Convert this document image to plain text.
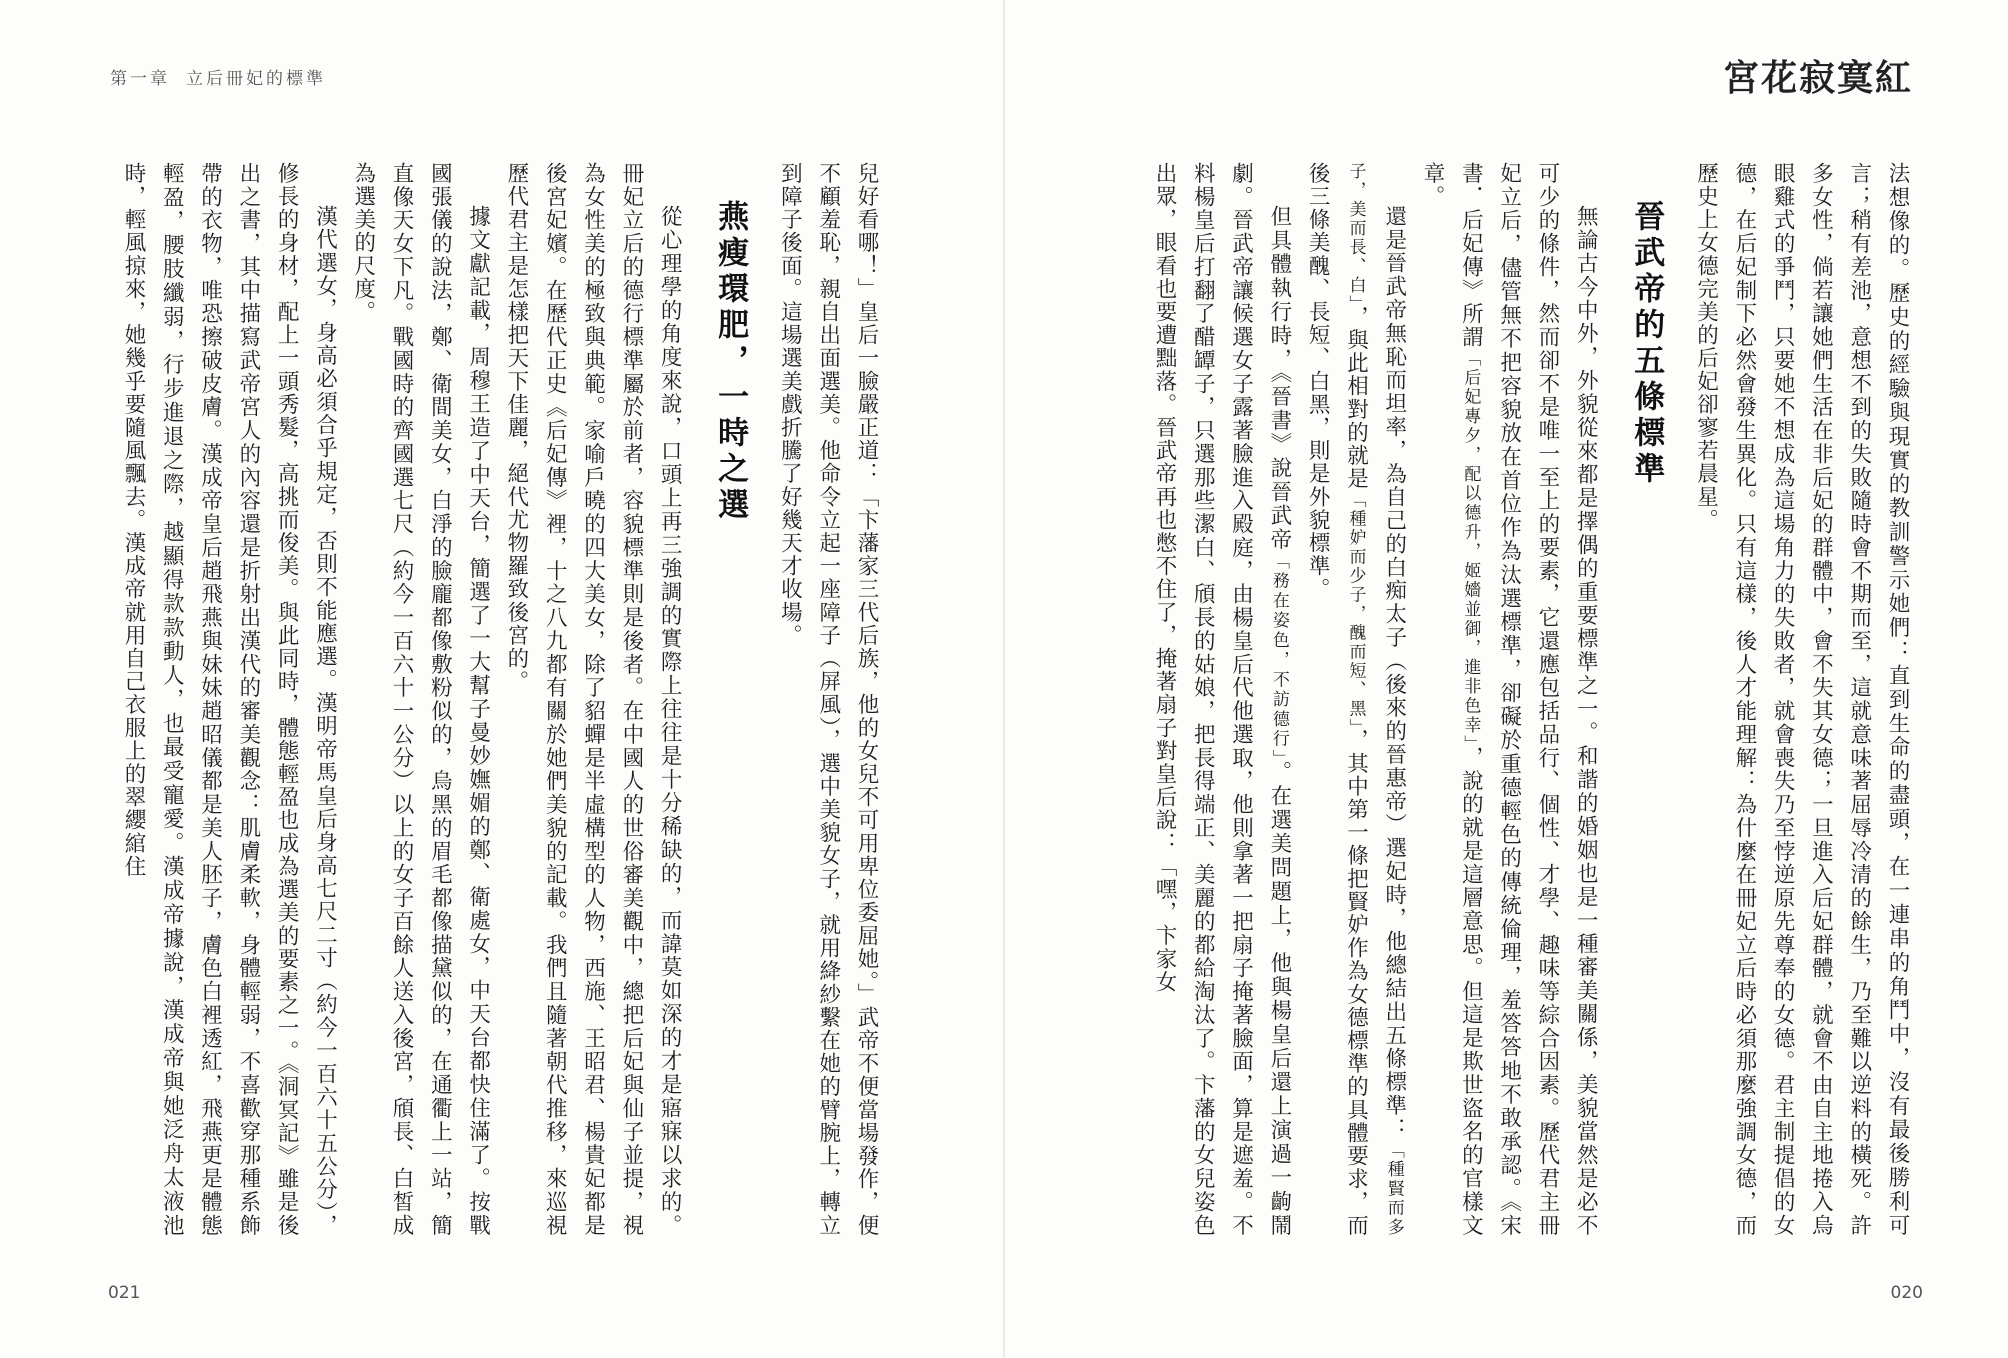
第一章 立后冊妃的標準	宮花寂寞紅

法想像的。歷史的經驗與現實的教訓警示她們：直到生命的盡頭，在一連串的角鬥中，沒有最後勝利可言；稍有差池，意想不到的失敗隨時會不期而至，這就意味著屈辱冷清的餘生，乃至難以逆料的橫死。許多女性，倘若讓她們生活在非后妃的群體中，會不失其女德；一旦進入后妃群體，就會不由自主地捲入烏眼雞式的爭鬥，只要她不想成為這場角力的失敗者，就會喪失乃至悖逆原先尊奉的女德。君主制提倡的女德，在后妃制下必然會發生異化。只有這樣，後人才能理解：為什麼在冊妃立后時必須那麼強調女德，而歷史上女德完美的后妃卻寥若晨星。

晉武帝的五條標準

無論古今中外，外貌從來都是擇偶的重要標準之一。和諧的婚姻也是一種審美關係，美貌當然是必不可少的條件，然而卻不是唯一至上的要素，它還應包括品行、個性、才學、趣味等綜合因素。歷代君主冊妃立后，儘管無不把容貌放在首位作為汰選標準，卻礙於重德輕色的傳統倫理，羞答答地不敢承認。《宋書．后妃傳》所謂「后妃專夕，配以德升，姬嬙並御，進非色幸」，說的就是這層意思。但這是欺世盜名的官樣文章。

還是晉武帝無恥而坦率，為自己的白痴太子（後來的晉惠帝）選妃時，他總結出五條標準：「種賢而多子，美而長、白」，與此相對的就是「種妒而少子，醜而短、黑」，其中第一條把賢妒作為女德標準的具體要求，而後三條美醜、長短、白黑，則是外貌標準。

但具體執行時，《晉書》說晉武帝「務在姿色，不訪德行」。在選美問題上，他與楊皇后還上演過一齣鬧劇。晉武帝讓候選女子露著臉進入殿庭，由楊皇后代他選取，他則拿著一把扇子掩著臉面，算是遮羞。不料楊皇后打翻了醋罈子，只選那些潔白、頎長的姑娘，把長得端正、美麗的都給淘汰了。卞藩的女兒姿色出眾，眼看也要遭黜落。晉武帝再也憋不住了，掩著扇子對皇后說：「嘿，卞家女

兒好看哪！」皇后一臉嚴正道：「卞藩家三代后族，他的女兒不可用卑位委屈她。」武帝不便當場發作，便不顧羞恥，親自出面選美。他命令立起一座障子（屏風），選中美貌女子，就用絳紗繫在她的臂腕上，轉立到障子後面。這場選美戲折騰了好幾天才收場。

燕瘦環肥，一時之選

從心理學的角度來說，口頭上再三強調的實際上往往是十分稀缺的，而諱莫如深的才是寤寐以求的。冊妃立后的德行標準屬於前者，容貌標準則是後者。在中國人的世俗審美觀中，總把后妃與仙子並提，視為女性美的極致與典範。家喻戶曉的四大美女，除了貂蟬是半虛構型的人物，西施、王昭君、楊貴妃都是後宮妃嬪。在歷代正史《后妃傳》裡，十之八九都有關於她們美貌的記載。我們且隨著朝代推移，來巡視歷代君主是怎樣把天下佳麗，絕代尤物羅致後宮的。

據文獻記載，周穆王造了中天台，簡選了一大幫子曼妙嫵媚的鄭、衛處女，中天台都快住滿了。按戰國張儀的說法，鄭、衛間美女，白淨的臉龐都像敷粉似的，烏黑的眉毛都像描黛似的，在通衢上一站，簡直像天女下凡。戰國時的齊國選七尺（約今一百六十一公分）以上的女子百餘人送入後宮，頎長、白皙成為選美的尺度。

漢代選女，身高必須合乎規定，否則不能應選。漢明帝馬皇后身高七尺二寸（約今一百六十五公分），修長的身材，配上一頭秀髮，高挑而俊美。與此同時，體態輕盈也成為選美的要素之一。《洞冥記》雖是後出之書，其中描寫武帝宮人的內容還是折射出漢代的審美觀念：肌膚柔軟，身體輕弱，不喜歡穿那種系飾帶的衣物，唯恐擦破皮膚。漢成帝皇后趙飛燕與妹妹趙昭儀都是美人胚子，膚色白裡透紅，飛燕更是體態輕盈，腰肢纖弱，行步進退之際，越顯得款款動人，也最受寵愛。漢成帝據說，漢成帝與她泛舟太液池時，輕風掠來，她幾乎要隨風飄去。漢成帝就用自己衣服上的翠纓綰住

021	020
